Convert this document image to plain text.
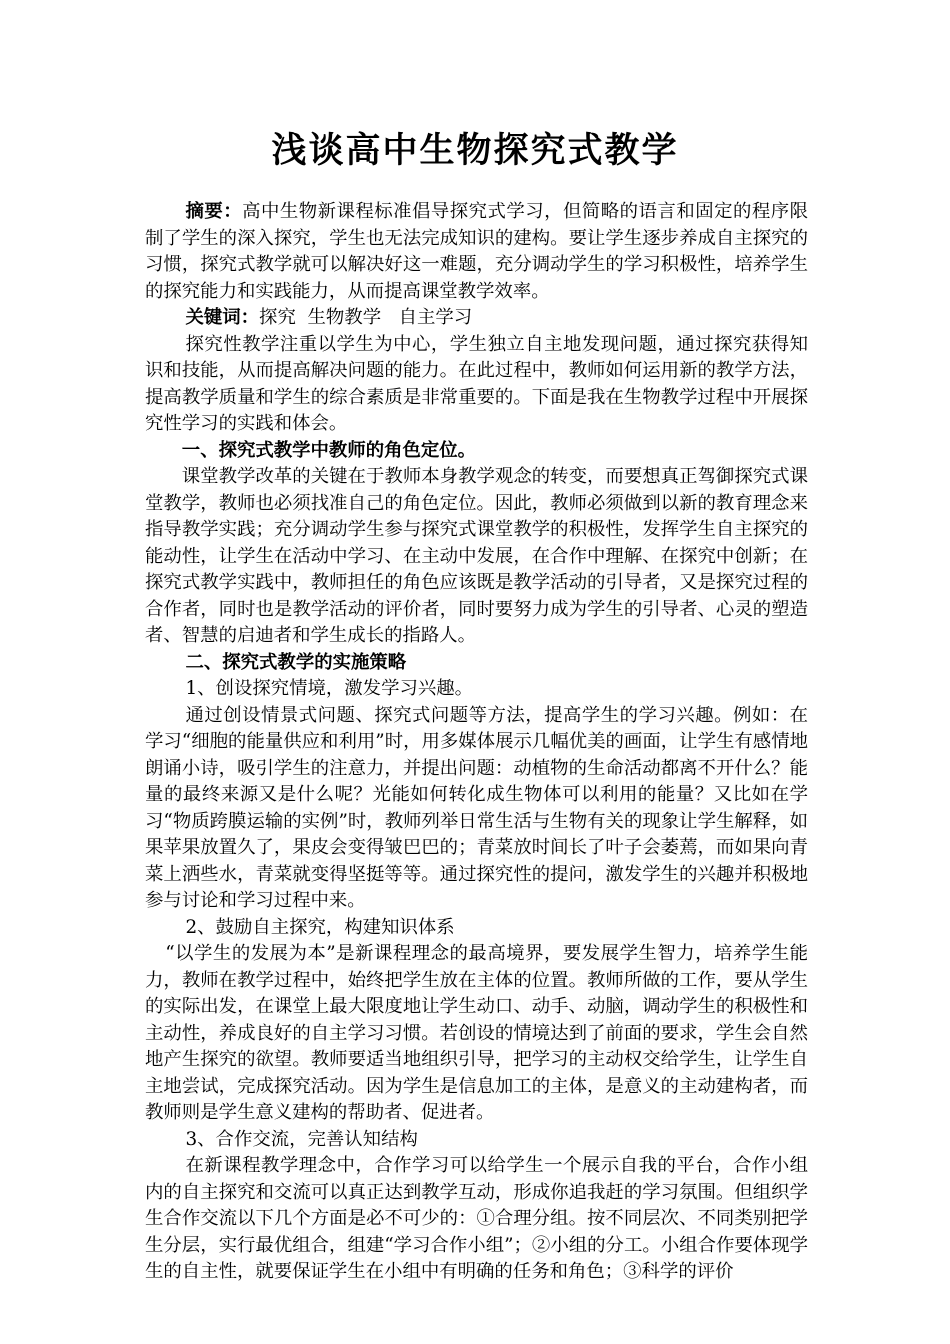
浅谈高中生物探究式教学

摘要：高中生物新课程标准倡导探究式学习，但简略的语言和固定的程序限制了学生的深入探究，学生也无法完成知识的建构。要让学生逐步养成自主探究的习惯，探究式教学就可以解决好这一难题，充分调动学生的学习积极性，培养学生的探究能力和实践能力，从而提高课堂教学效率。

关键词：探究  生物教学   自主学习

探究性教学注重以学生为中心，学生独立自主地发现问题，通过探究获得知识和技能，从而提高解决问题的能力。在此过程中，教师如何运用新的教学方法，提高教学质量和学生的综合素质是非常重要的。下面是我在生物教学过程中开展探究性学习的实践和体会。

一、探究式教学中教师的角色定位。

课堂教学改革的关键在于教师本身教学观念的转变，而要想真正驾御探究式课堂教学，教师也必须找准自己的角色定位。因此，教师必须做到以新的教育理念来指导教学实践；充分调动学生参与探究式课堂教学的积极性，发挥学生自主探究的能动性，让学生在活动中学习、在主动中发展，在合作中理解、在探究中创新；在探究式教学实践中，教师担任的角色应该既是教学活动的引导者，又是探究过程的合作者，同时也是教学活动的评价者，同时要努力成为学生的引导者、心灵的塑造者、智慧的启迪者和学生成长的指路人。

二、探究式教学的实施策略

1、创设探究情境，激发学习兴趣。

通过创设情景式问题、探究式问题等方法，提高学生的学习兴趣。例如：在学习“细胞的能量供应和利用”时，用多媒体展示几幅优美的画面，让学生有感情地朗诵小诗，吸引学生的注意力，并提出问题：动植物的生命活动都离不开什么？能量的最终来源又是什么呢？光能如何转化成生物体可以利用的能量？又比如在学习“物质跨膜运输的实例”时，教师列举日常生活与生物有关的现象让学生解释，如果苹果放置久了，果皮会变得皱巴巴的；青菜放时间长了叶子会萎蔫，而如果向青菜上洒些水，青菜就变得坚挺等等。通过探究性的提问，激发学生的兴趣并积极地参与讨论和学习过程中来。

2、鼓励自主探究，构建知识体系

“以学生的发展为本”是新课程理念的最高境界，要发展学生智力，培养学生能力，教师在教学过程中，始终把学生放在主体的位置。教师所做的工作，要从学生的实际出发，在课堂上最大限度地让学生动口、动手、动脑，调动学生的积极性和主动性，养成良好的自主学习习惯。若创设的情境达到了前面的要求，学生会自然地产生探究的欲望。教师要适当地组织引导，把学习的主动权交给学生，让学生自主地尝试，完成探究活动。因为学生是信息加工的主体，是意义的主动建构者，而教师则是学生意义建构的帮助者、促进者。

3、合作交流，完善认知结构

在新课程教学理念中，合作学习可以给学生一个展示自我的平台，合作小组内的自主探究和交流可以真正达到教学互动，形成你追我赶的学习氛围。但组织学生合作交流以下几个方面是必不可少的：①合理分组。按不同层次、不同类别把学生分层，实行最优组合，组建“学习合作小组”；②小组的分工。小组合作要体现学生的自主性，就要保证学生在小组中有明确的任务和角色；③科学的评价
